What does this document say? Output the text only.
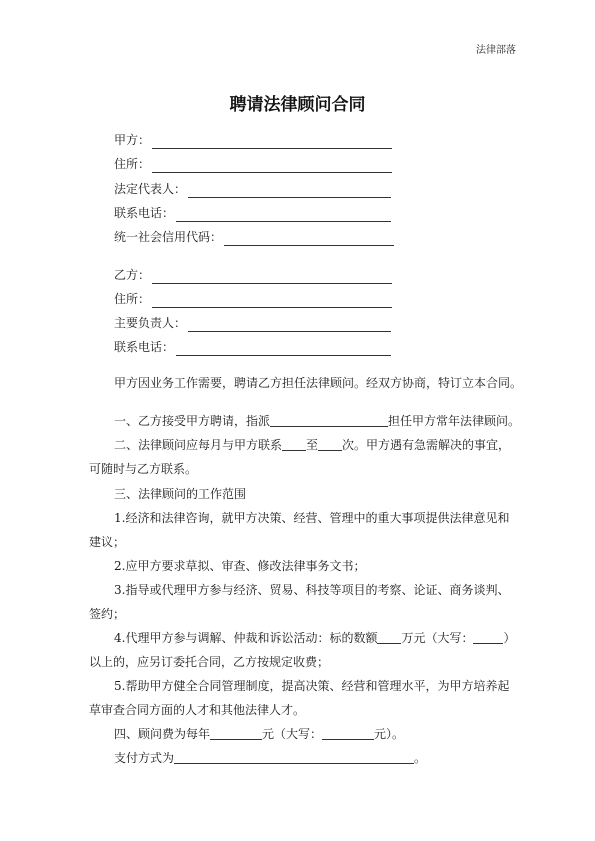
法律部落
聘请法律顾问合同
甲方：
住所：
法定代表人：
联系电话：
统一社会信用代码：
乙方：
住所：
主要负责人：
联系电话：
甲方因业务工作需要，聘请乙方担任法律顾问。经双方协商，特订立本合同。
一、乙方接受甲方聘请，指派	担任甲方常年法律顾问。
二、法律顾问应每月与甲方联系 至 次。甲方遇有急需解决的事宜，
可随时与乙方联系。
三、法律顾问的工作范围
1.经济和法律咨询，就甲方决策、经营、管理中的重大事项提供法律意见和
建议；
2.应甲方要求草拟、审查、修改法律事务文书；
3.指导或代理甲方参与经济、贸易、科技等项目的考察、论证、商务谈判、
签约；
4.代理甲方参与调解、仲裁和诉讼活动：标的数额 万元（大写：	）
以上的，应另订委托合同，乙方按规定收费；
5.帮助甲方健全合同管理制度，提高决策、经营和管理水平，为甲方培养起
草审查合同方面的人才和其他法律人才。
四、顾问费为每年	元（大写：	元）。
支付方式为	。
